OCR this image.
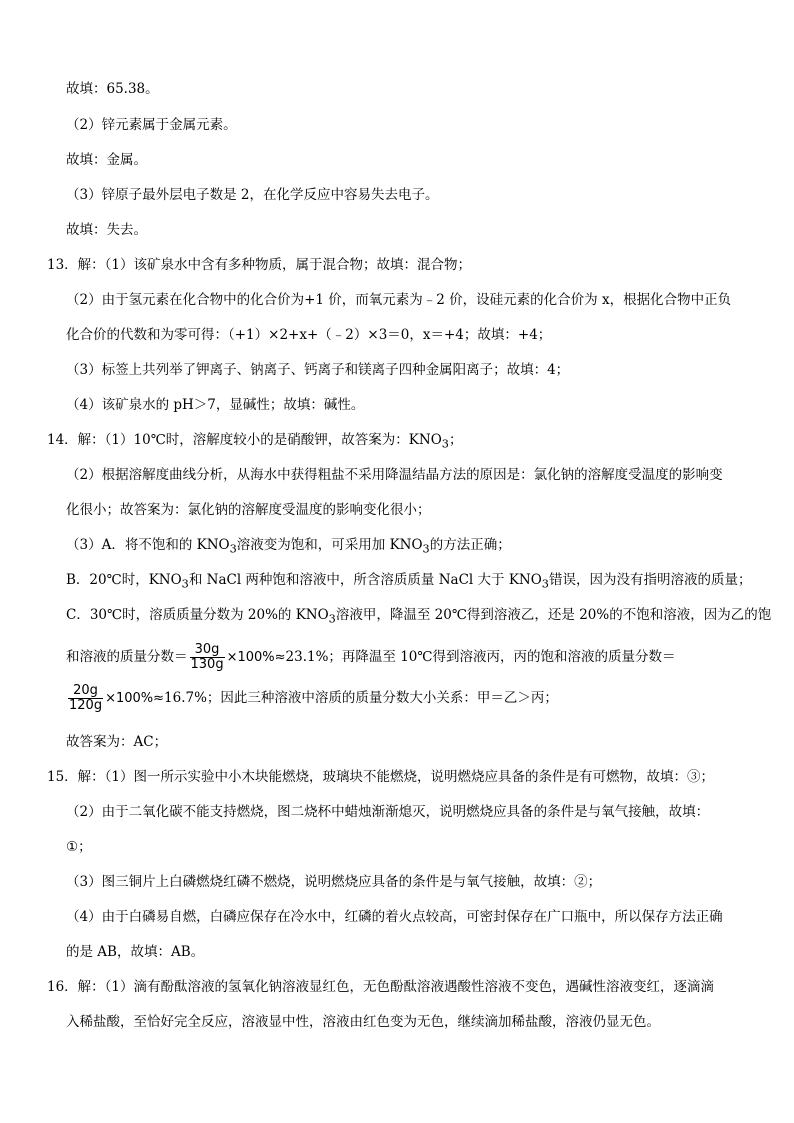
故填：65.38。
（2）锌元素属于金属元素。
故填：金属。
（3）锌原子最外层电子数是 2，在化学反应中容易失去电子。
故填：失去。
13．解：（1）该矿泉水中含有多种物质，属于混合物；故填：混合物；
（2）由于氢元素在化合物中的化合价为+1 价，而氧元素为﹣2 价，设硅元素的化合价为 x，根据化合物中正负
化合价的代数和为零可得：（+1）×2+x+（﹣2）×3＝0，x＝+4；故填：+4；
（3）标签上共列举了钾离子、钠离子、钙离子和镁离子四种金属阳离子；故填：4；
（4）该矿泉水的 pH＞7，显碱性；故填：碱性。
14．解：（1）10℃时，溶解度较小的是硝酸钾，故答案为：$KNO_3$；
（2）根据溶解度曲线分析，从海水中获得粗盐不采用降温结晶方法的原因是：氯化钠的溶解度受温度的影响变
化很小；故答案为：氯化钠的溶解度受温度的影响变化很小；
（3）A．将不饱和的 $KNO_3$溶液变为饱和，可采用加 $KNO_3$的方法正确；
B．20℃时，$KNO_3$和 NaCl 两种饱和溶液中，所含溶质质量 NaCl 大于 $KNO_3$错误，因为没有指明溶液的质量；
C．30℃时，溶质质量分数为 20%的 $KNO_3$溶液甲，降温至 20℃得到溶液乙，还是 20%的不饱和溶液，因为乙的饱
和溶液的质量分数＝ $\frac{30g}{130g} \times 100\%\approx 23.1\%$；再降温至 10℃得到溶液丙，丙的饱和溶液的质量分数＝
$\frac{20g}{120g} \times 100\%\approx 16.7\%$；因此三种溶液中溶质的质量分数大小关系：甲＝乙＞丙；
故答案为：AC；
15．解：（1）图一所示实验中小木块能燃烧，玻璃块不能燃烧，说明燃烧应具备的条件是有可燃物，故填：③；
（2）由于二氧化碳不能支持燃烧，图二烧杯中蜡烛渐渐熄灭，说明燃烧应具备的条件是与氧气接触，故填：
①；
（3）图三铜片上白磷燃烧红磷不燃烧，说明燃烧应具备的条件是与氧气接触，故填：②；
（4）由于白磷易自燃，白磷应保存在冷水中，红磷的着火点较高，可密封保存在广口瓶中，所以保存方法正确
的是 AB，故填：AB。
16．解：（1）滴有酚酞溶液的氢氧化钠溶液显红色，无色酚酞溶液遇酸性溶液不变色，遇碱性溶液变红，逐滴滴
入稀盐酸，至恰好完全反应，溶液显中性，溶液由红色变为无色，继续滴加稀盐酸，溶液仍显无色。
